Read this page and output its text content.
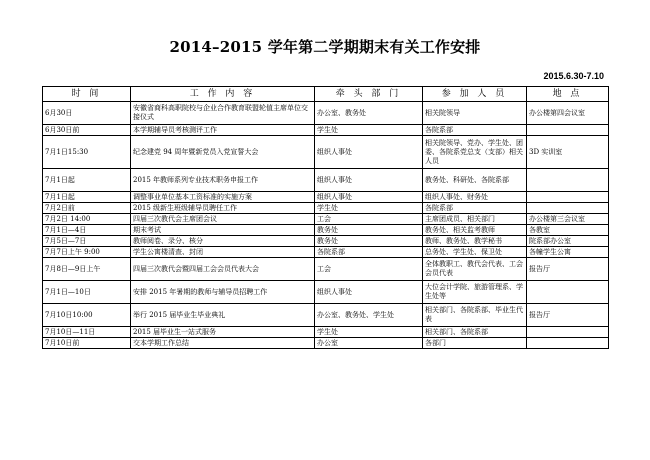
2014–2015 学年第二学期期末有关工作安排
2015.6.30-7.10
时 间	工 作 内 容	牵 头 部 门	参 加 人 员	地 点
6月30日	安徽省商科高职院校与企业合作教育联盟轮值主席单位交接仪式	办公室、教务处	相关院领导	办公楼第四会议室
6月30日前	本学期辅导员考核测评工作	学生处	各院系部	
7月1日15:30	纪念建党 94 周年暨新党员入党宣誓大会	组织人事处	相关院领导、党办、学生处、团委、各院系党总支（支部）相关人员	3D 实训室
7月1日起	2015 年教师系列专业技术职务申报工作	组织人事处	教务处、科研处、各院系部	
7月1日起	调整事业单位基本工资标准的实施方案	组织人事处	组织人事处、财务处	
7月2日前	2015 级新生班级辅导员聘任工作	学生处	各院系部	
7月2日 14:00	四届三次教代会主席团会议	工会	主席团成员、相关部门	办公楼第三会议室
7月1日—4日	期末考试	教务处	教务处、相关监考教师	各教室
7月5日—7日	教师阅卷、录分、核分	教务处	教师、教务处、教学秘书	院系部办公室
7月7日上午 9:00	学生公寓楼清查、封闭	各院系部	总务处、学生处、保卫处	各幢学生公寓
7月8日—9日上午	四届三次教代会暨四届工会会员代表大会	工会	全体教职工、教代会代表、工会会员代表	报告厅
7月1日—10日	安排 2015 年暑期的教师与辅导员招聘工作	组织人事处	大位会计学院、旅游管理系、学生处等	
7月10日10:00	举行 2015 届毕业生毕业典礼	办公室、教务处、学生处	相关部门、各院系部、毕业生代表	报告厅
7月10日—11日	2015 届毕业生一站式服务	学生处	相关部门、各院系部	
7月10日前	交本学期工作总结	办公室	各部门	
